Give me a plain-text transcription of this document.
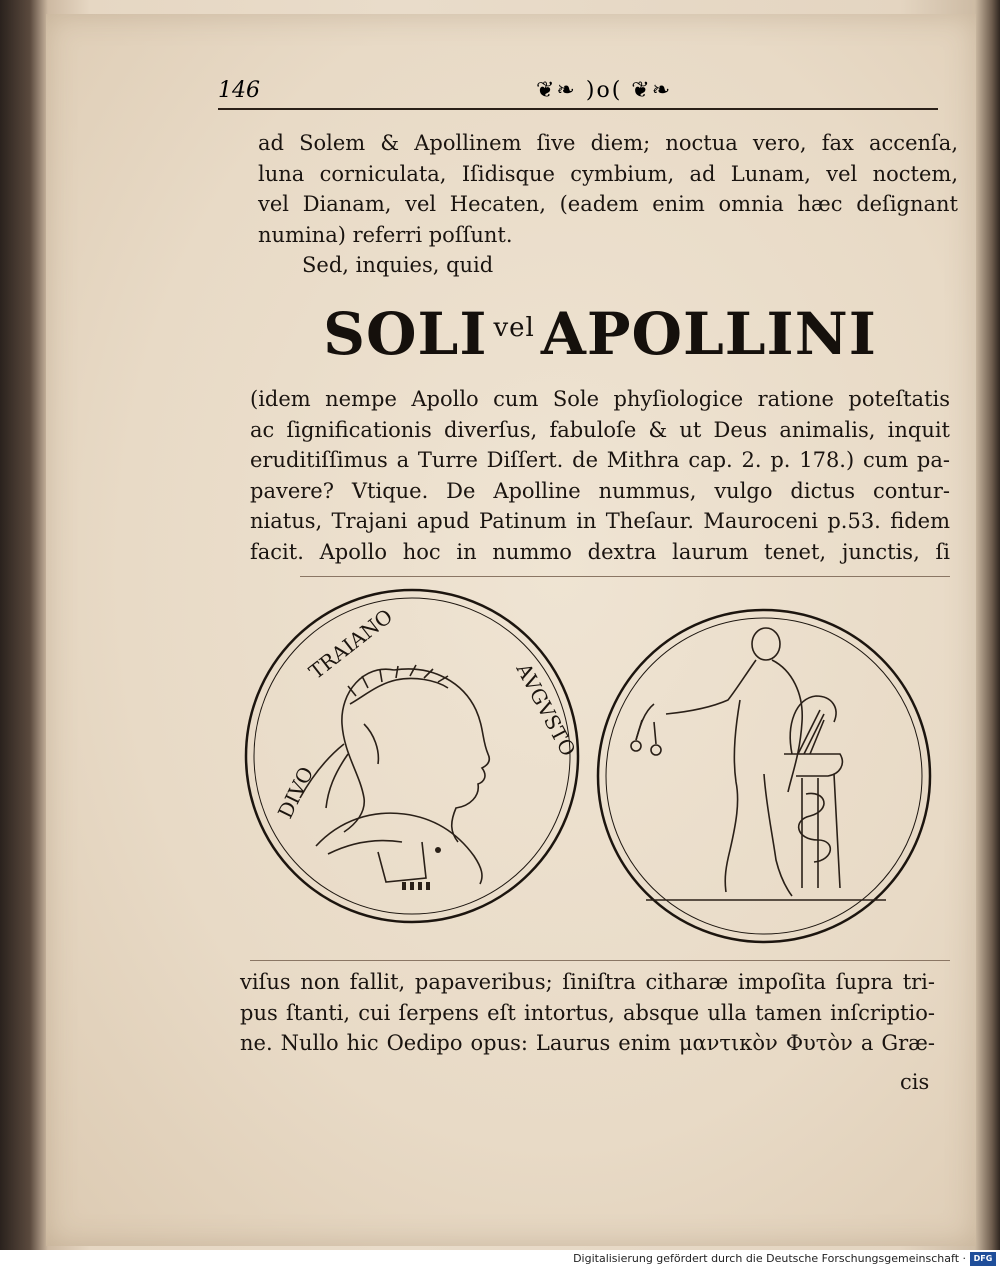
146	❦❧ )o( ❦❧
ad Solem & Apollinem ſive diem; noctua vero, fax accenſa,
luna corniculata, Iſidisque cymbium, ad Lunam, vel noctem,
vel Dianam, vel Hecaten, (eadem enim omnia hæc deſignant
numina) referri poſſunt.
Sed, inquies, quid
SOLI $^{vel}$ APOLLINI
(idem nempe Apollo cum Sole phyſiologice ratione poteſtatis
ac ſignificationis diverſus, fabuloſe & ut Deus animalis, inquit
eruditiſſimus a Turre Diſſert. de Mithra cap. 2. p. 178.) cum pa-
pavere? Vtique. De Apolline nummus, vulgo dictus contur-
niatus, Trajani apud Patinum in Theſaur. Mauroceni p.53. fidem
facit. Apollo hoc in nummo dextra laurum tenet, junctis, ſi
DIVO
TRAIANO
AVGVSTO
viſus non fallit, papaveribus; ſiniſtra citharæ impoſita ſupra tri-
pus ſtanti, cui ſerpens eſt intortus, absque ulla tamen inſcriptio-
ne. Nullo hic Oedipo opus: Laurus enim μαντικὸν Φυτὸν a Græ-
cis
Digitalisierung gefördert durch die Deutsche Forschungsgemeinschaft · DFG
